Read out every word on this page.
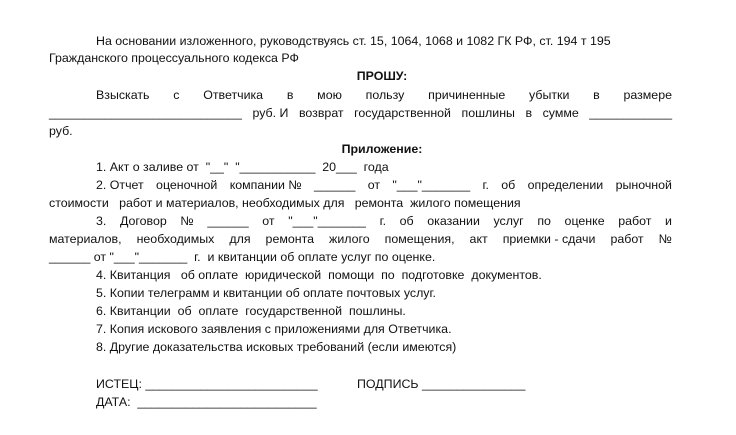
На основании изложенного, руководствуясь ст. 15, 1064, 1068 и 1082 ГК РФ, ст. 194 т 195
Гражданского процессуального кодекса РФ
ПРОШУ:
Взыскать с Ответчика в мою пользу причиненные убытки в размере
____________________________ руб. И возврат государственной пошлины в сумме ____________
руб.
Приложение:
1. Акт о заливе от  "__"  "___________  20___  года
2. Отчет оценочной компании № ______ от "___"_______ г. об определении рыночной
стоимости   работ и материалов, необходимых для   ремонта  жилого помещения
3. Договор № ______ от "___"_______ г. об оказании услуг по оценке работ и
материалов, необходимых для ремонта жилого помещения, акт приемки - сдачи работ №
______ от "___"_______  г.  и квитанции об оплате услуг по оценке.
4. Квитанция   об оплате  юридической  помощи  по  подготовке  документов.
5. Копии телеграмм и квитанции об оплате почтовых услуг.
6. Квитанции  об  оплате  государственной  пошлины.
7. Копия искового заявления с приложениями для Ответчика.
8. Другие доказательства исковых требований (если имеются)
ИСТЕЦ: _________________________	ПОДПИСЬ _______________
ДАТА:  __________________________
